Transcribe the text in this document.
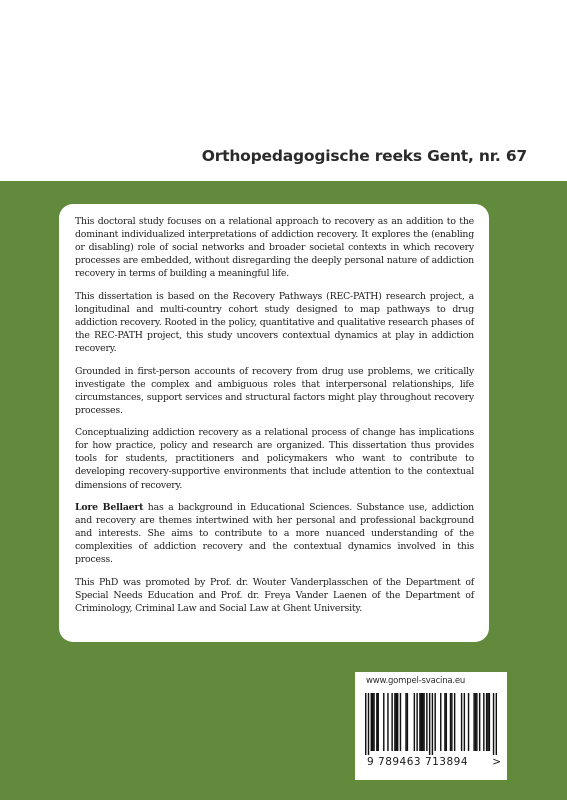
Orthopedagogische reeks Gent, nr. 67

This doctoral study focuses on a relational approach to recovery as an addition to the dominant individualized interpretations of addiction recovery. It explores the (enabling or disabling) role of social networks and broader societal contexts in which recovery processes are embedded, without disregarding the deeply personal nature of addiction recovery in terms of building a meaningful life.

This dissertation is based on the Recovery Pathways (REC-PATH) research project, a longitudinal and multi-country cohort study designed to map pathways to drug addiction recovery. Rooted in the policy, quantitative and qualitative research phases of the REC-PATH project, this study uncovers contextual dynamics at play in addiction recovery.

Grounded in first-person accounts of recovery from drug use problems, we critically investigate the complex and ambiguous roles that interpersonal relationships, life circumstances, support services and structural factors might play throughout recovery processes.

Conceptualizing addiction recovery as a relational process of change has implications for how practice, policy and research are organized. This dissertation thus provides tools for students, practitioners and policymakers who want to contribute to developing recovery-supportive environments that include attention to the contextual dimensions of recovery.

Lore Bellaert has a background in Educational Sciences. Substance use, addiction and recovery are themes intertwined with her personal and professional background and interests. She aims to contribute to a more nuanced understanding of the complexities of addiction recovery and the contextual dynamics involved in this process.

This PhD was promoted by Prof. dr. Wouter Vanderplasschen of the Department of Special Needs Education and Prof. dr. Freya Vander Laenen of the Department of Criminology, Criminal Law and Social Law at Ghent University.

www.gompel-svacina.eu
9 789463 713894 >
